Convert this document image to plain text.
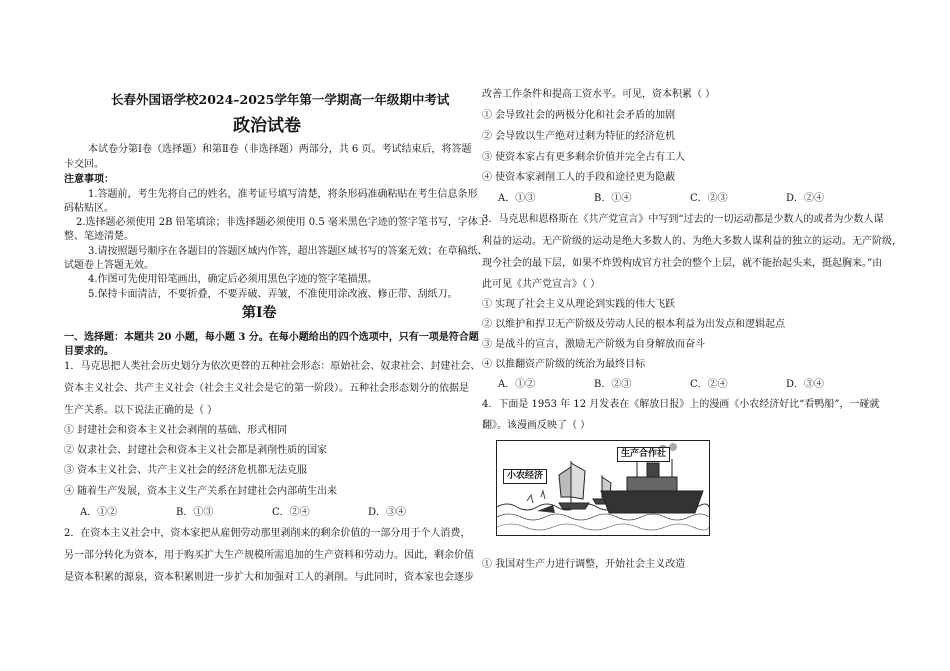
长春外国语学校2024–2025学年第一学期高一年级期中考试
政治试卷
本试卷分第Ⅰ卷（选择题）和第Ⅱ卷（非选择题）两部分，共 6 页。考试结束后，将答题
卡交回。
注意事项：
1.答题前，考生先将自己的姓名，准考证号填写清楚，将条形码准确粘贴在考生信息条形
码粘贴区。
2.选择题必须使用 2B 铅笔填涂；非选择题必须使用 0.5 毫米黑色字迹的签字笔书写，字体工
整、笔迹清楚。
3.请按照题号顺序在各题目的答题区域内作答，超出答题区域书写的答案无效；在草稿纸、
试题卷上答题无效。
4.作图可先使用铅笔画出，确定后必须用黑色字迹的签字笔描黑。
5.保持卡面清洁，不要折叠，不要弄破、弄皱，不准使用涂改液、修正带、刮纸刀。
第Ⅰ卷
一、选择题：本题共 20 小题，每小题 3 分。在每小题给出的四个选项中，只有一项是符合题
目要求的。
1．马克思把人类社会历史划分为依次更替的五种社会形态：原始社会、奴隶社会、封建社会、
资本主义社会、共产主义社会（社会主义社会是它的第一阶段）。五种社会形态划分的依据是
生产关系。以下说法正确的是（ ）
① 封建社会和资本主义社会剥削的基础、形式相同
② 奴隶社会、封建社会和资本主义社会都是剥削性质的国家
③ 资本主义社会、共产主义社会的经济危机都无法克服
④ 随着生产发展，资本主义生产关系在封建社会内部萌生出来
A．①②	B．①③	C．②④	D．③④
2．在资本主义社会中，资本家把从雇佣劳动那里剥削来的剩余价值的一部分用于个人消费，
另一部分转化为资本，用于购买扩大生产规模所需追加的生产资料和劳动力。因此，剩余价值
是资本积累的源泉，资本积累则进一步扩大和加强对工人的剥削。与此同时，资本家也会逐步
改善工作条件和提高工资水平。可见，资本积累（ ）
① 会导致社会的两极分化和社会矛盾的加剧
② 会导致以生产绝对过剩为特征的经济危机
③ 使资本家占有更多剩余价值并完全占有工人
④ 使资本家剥削工人的手段和途径更为隐蔽
A．①③	B．①④	C．②③	D．②④
3．马克思和恩格斯在《共产党宣言》中写到“过去的一切运动都是少数人的或者为少数人谋
利益的运动。无产阶级的运动是绝大多数人的、为绝大多数人谋利益的独立的运动。无产阶级，
现今社会的最下层，如果不炸毁构成官方社会的整个上层，就不能抬起头来，挺起胸来。”由
此可见《共产党宣言》（ ）
① 实现了社会主义从理论到实践的伟大飞跃
② 以维护和捍卫无产阶级及劳动人民的根本利益为出发点和逻辑起点
③ 是战斗的宣言，激励无产阶级为自身解放而奋斗
④ 以推翻资产阶级的统治为最终目标
A．①②	B．②③	C．②④	D．③④
4．下面是 1953 年 12 月发表在《解放日报》上的漫画《小农经济好比“看鸭船”，一碰就
翻》。该漫画反映了（ ）
小农经济
生产合作社
① 我国对生产力进行调整，开始社会主义改造
